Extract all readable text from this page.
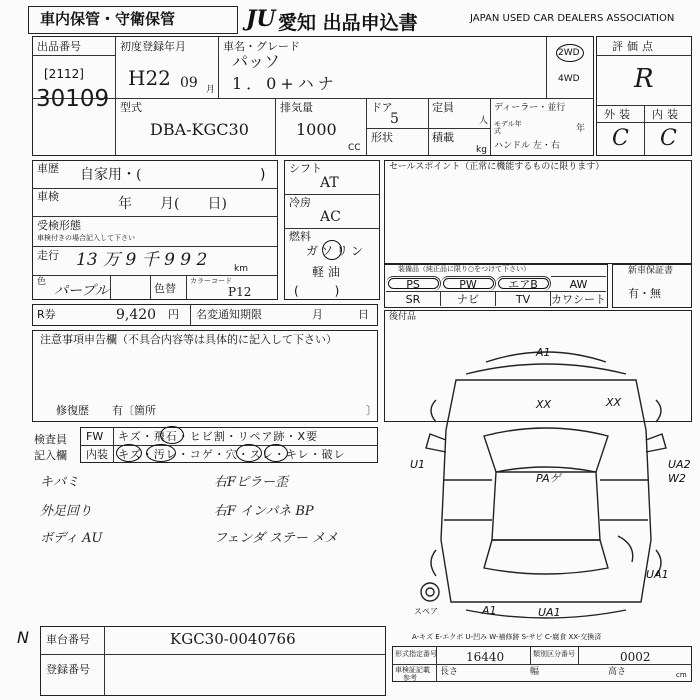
車内保管・守衛保管	JU 愛知 出品申込書	JAPAN USED CAR DEALERS ASSOCIATION
出品番号
[2112]
30109
初度登録年月
H22 09 月
車名・グレード
パッソ
1．0+ハナ
2WD
4WD
型式
DBA-KGC30
排気量
1000
CC
ドア
5
定員
人
形状	積載
kg
ディーラー・並行
モデル年式	年
ハンドル 左・右
評価点
R
外装 内装
C C
車歴 自家用・(	)
車検	年　　月(　　日)
受検形態
車検付きの場合記入して下さい
走行 13 万 9 千 9 9 2	km
色
パープル	色替
カラーコード
P12
シフト
AT
冷房
AC
燃料
ガソリン
軽 油
(　　　)
セールスポイント（正常に機能するものに限ります）
装備品（純正品に限り○をつけて下さい）
PS	PW	エアB	AW
SR	ナビ	TV	カワシート
新車保証書
有・無
後付品
R券	9,420 円 名変通知期限	月	日
注意事項申告欄（不具合内容等は具体的に記入して下さい）
修復歴 有〔箇所	〕
検査員記入欄
FW キズ・飛石・ヒビ割・リペア跡・X要
内装 キズ・汚レ・コゲ・穴・スレ・キレ・破レ
キバミ
外足回り
ボディ AU
右Fピラー歪
右F インパネ BP
フェンダ ステー メメ
A1
XX	XX
U1
PAゲ
UA2
W2
UA1
A1	UA1
スペア
A-キズ E-エクボ U-凹み W-補修跡 S-サビ C-腐食 XX-交換済
N 車台番号	KGC30-0040766
登録番号
形式指定番号 16440	類別区分番号	0002
車検証記載
参考
長さ	幅	高さ	cm
